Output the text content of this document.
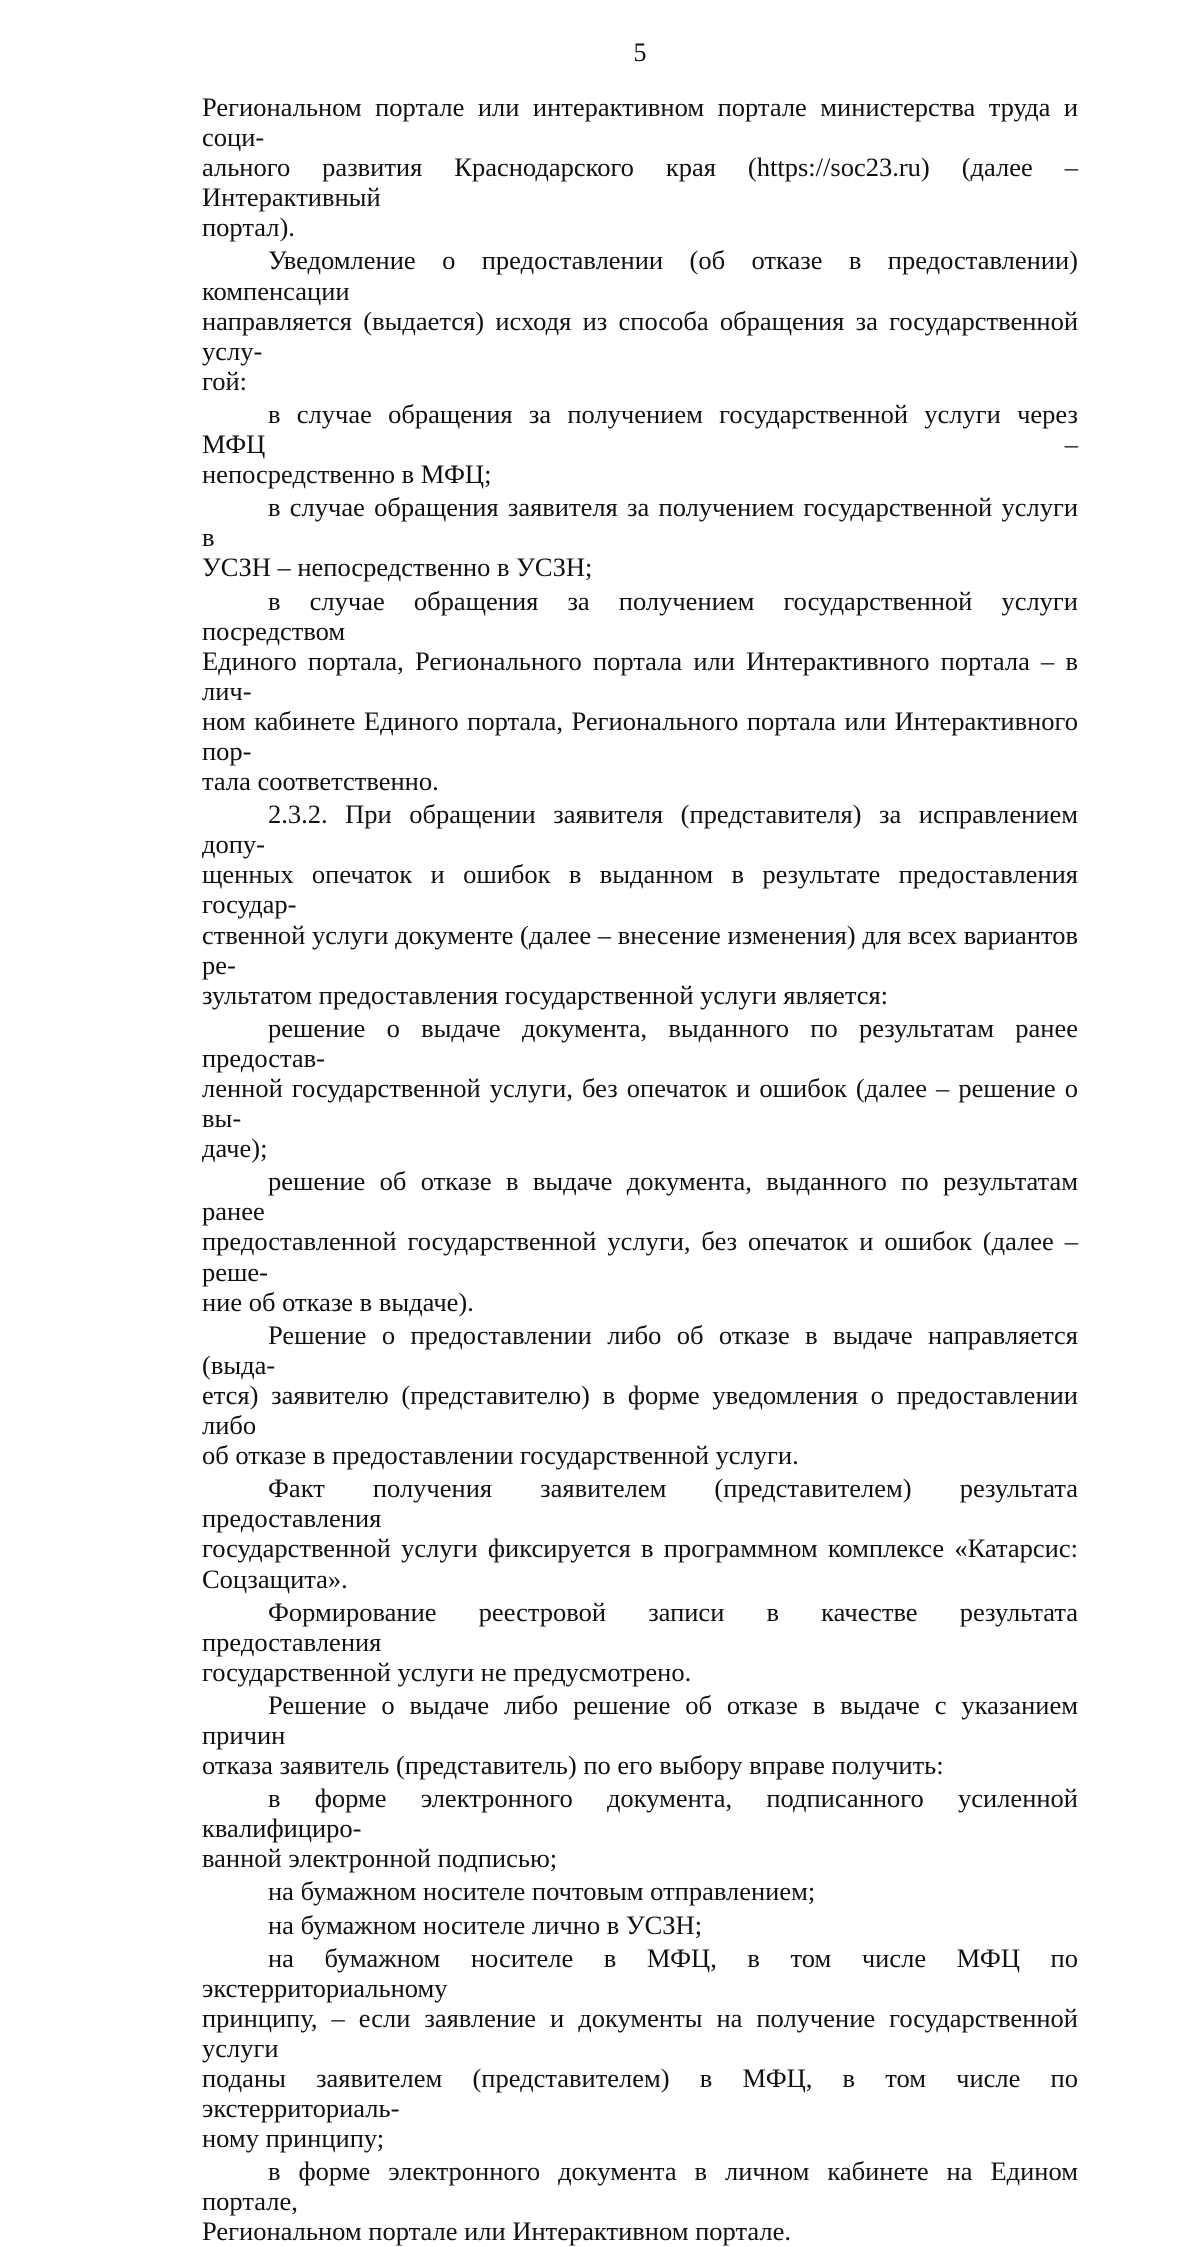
5

Региональном портале или интерактивном портале министерства труда и соци-
ального развития Краснодарского края (https://soc23.ru) (далее – Интерактивный
портал).

Уведомление о предоставлении (об отказе в предоставлении) компенсации
направляется (выдается) исходя из способа обращения за государственной услу-
гой:

в случае обращения за получением государственной услуги через МФЦ –
непосредственно в МФЦ;

в случае обращения заявителя за получением государственной услуги в
УСЗН – непосредственно в УСЗН;

в случае обращения за получением государственной услуги посредством
Единого портала, Регионального портала или Интерактивного портала – в лич-
ном кабинете Единого портала, Регионального портала или Интерактивного пор-
тала соответственно.

2.3.2. При обращении заявителя (представителя) за исправлением допу-
щенных опечаток и ошибок в выданном в результате предоставления государ-
ственной услуги документе (далее – внесение изменения) для всех вариантов ре-
зультатом предоставления государственной услуги является:

решение о выдаче документа, выданного по результатам ранее предостав-
ленной государственной услуги, без опечаток и ошибок (далее – решение о вы-
даче);

решение об отказе в выдаче документа, выданного по результатам ранее
предоставленной государственной услуги, без опечаток и ошибок (далее – реше-
ние об отказе в выдаче).

Решение о предоставлении либо об отказе в выдаче направляется (выда-
ется) заявителю (представителю) в форме уведомления о предоставлении либо
об отказе в предоставлении государственной услуги.

Факт получения заявителем (представителем) результата предоставления
государственной услуги фиксируется в программном комплексе «Катарсис:
Соцзащита».

Формирование реестровой записи в качестве результата предоставления
государственной услуги не предусмотрено.

Решение о выдаче либо решение об отказе в выдаче с указанием причин
отказа заявитель (представитель) по его выбору вправе получить:

в форме электронного документа, подписанного усиленной квалифициро-
ванной электронной подписью;

на бумажном носителе почтовым отправлением;

на бумажном носителе лично в УСЗН;

на бумажном носителе в МФЦ, в том числе МФЦ по экстерриториальному
принципу, – если заявление и документы на получение государственной услуги
поданы заявителем (представителем) в МФЦ, в том числе по экстерриториаль-
ному принципу;

в форме электронного документа в личном кабинете на Едином портале,
Региональном портале или Интерактивном портале.
